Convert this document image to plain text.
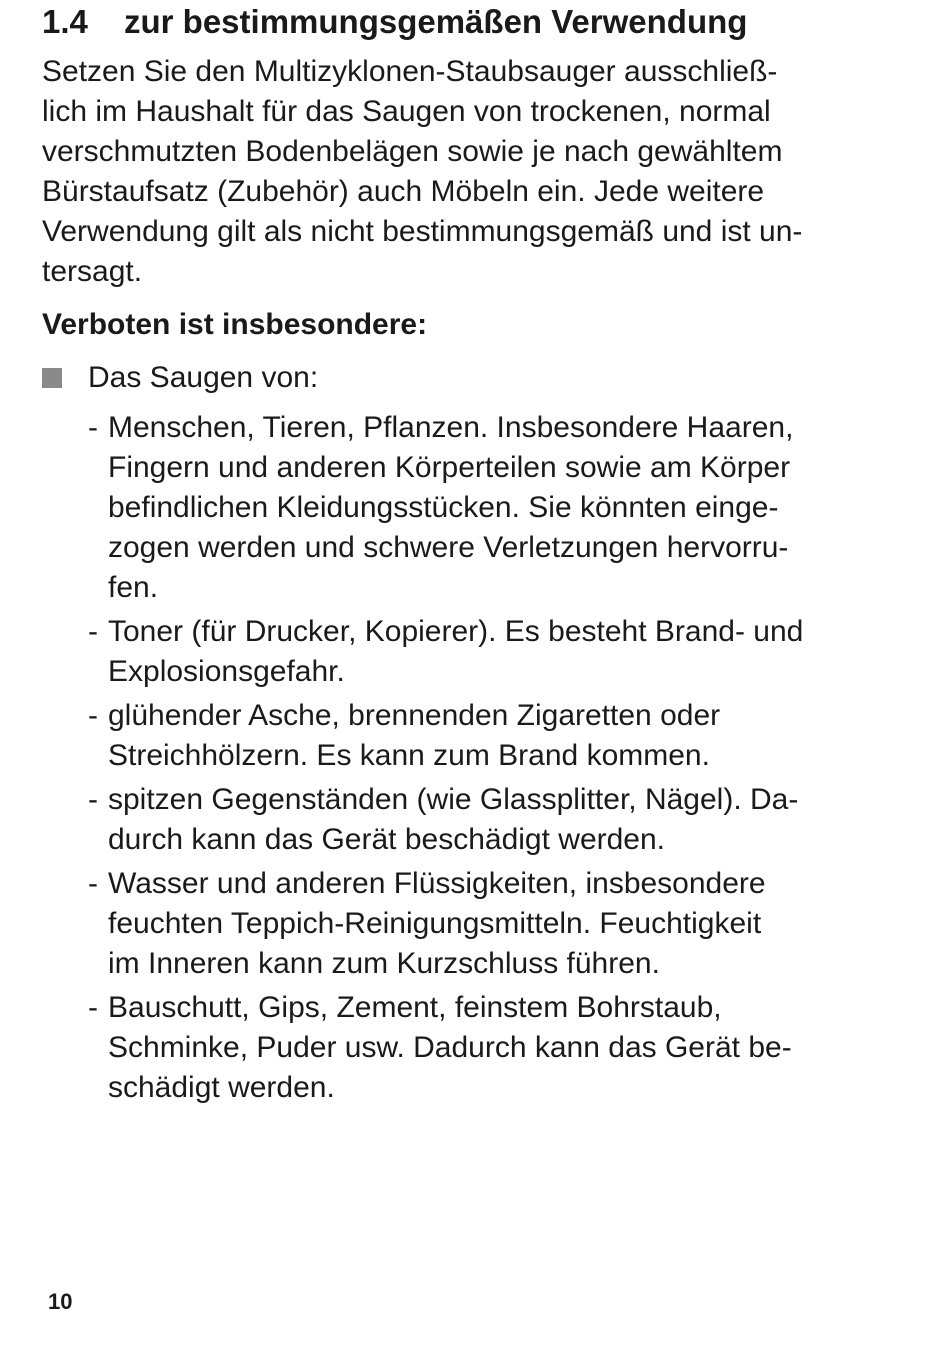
1.4	zur bestimmungsgemäßen Verwendung

Setzen Sie den Multizyklonen-Staubsauger ausschließ-
lich im Haushalt für das Saugen von trockenen, normal
verschmutzten Bodenbelägen sowie je nach gewähltem
Bürstaufsatz (Zubehör) auch Möbeln ein. Jede weitere
Verwendung gilt als nicht bestimmungsgemäß und ist un-
tersagt.

Verboten ist insbesondere:
Das Saugen von:
- Menschen, Tieren, Pflanzen. Insbesondere Haaren,
Fingern und anderen Körperteilen sowie am Körper
befindlichen Kleidungsstücken. Sie könnten einge-
zogen werden und schwere Verletzungen hervorru-
fen.
- Toner (für Drucker, Kopierer). Es besteht Brand- und
Explosionsgefahr.
- glühender Asche, brennenden Zigaretten oder
Streichhölzern. Es kann zum Brand kommen.
- spitzen Gegenständen (wie Glassplitter, Nägel). Da-
durch kann das Gerät beschädigt werden.
- Wasser und anderen Flüssigkeiten, insbesondere
feuchten Teppich-Reinigungsmitteln. Feuchtigkeit
im Inneren kann zum Kurzschluss führen.
- Bauschutt, Gips, Zement, feinstem Bohrstaub,
Schminke, Puder usw. Dadurch kann das Gerät be-
schädigt werden.
10
